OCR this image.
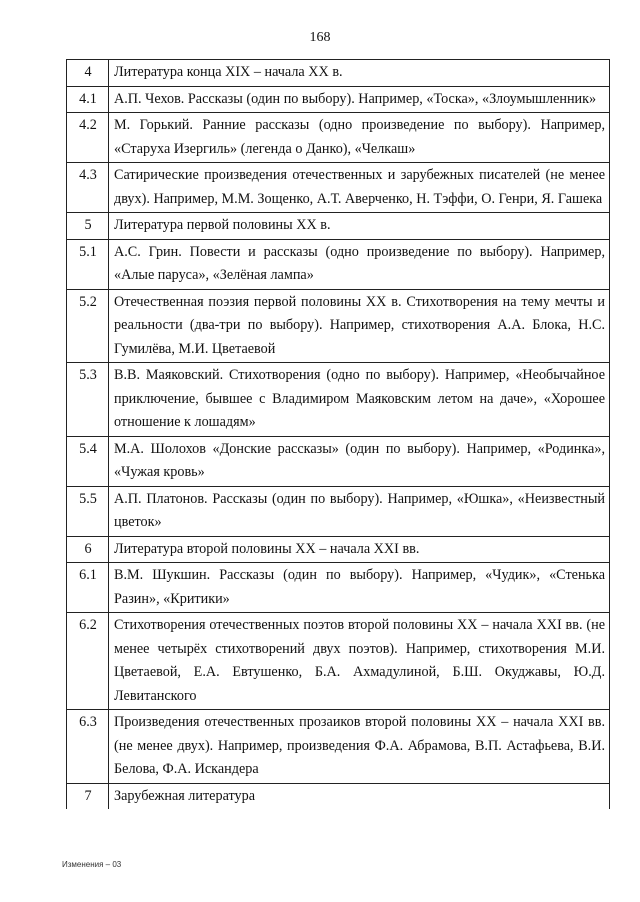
168
4	Литература конца XIX – начала XX в.
4.1	А.П. Чехов. Рассказы (один по выбору). Например, «Тоска», «Злоумышленник»
4.2	М. Горький. Ранние рассказы (одно произведение по выбору). Например, «Старуха Изергиль» (легенда о Данко), «Челкаш»
4.3	Сатирические произведения отечественных и зарубежных писателей (не менее двух). Например, М.М. Зощенко, А.Т. Аверченко, Н. Тэффи, О. Генри, Я. Гашека
5	Литература первой половины XX в.
5.1	А.С. Грин. Повести и рассказы (одно произведение по выбору). Например, «Алые паруса», «Зелёная лампа»
5.2	Отечественная поэзия первой половины XX в. Стихотворения на тему мечты и реальности (два-три по выбору). Например, стихотворения А.А. Блока, Н.С. Гумилёва, М.И. Цветаевой
5.3	В.В. Маяковский. Стихотворения (одно по выбору). Например, «Необычайное приключение, бывшее с Владимиром Маяковским летом на даче», «Хорошее отношение к лошадям»
5.4	М.А. Шолохов «Донские рассказы» (один по выбору). Например, «Родинка», «Чужая кровь»
5.5	А.П. Платонов. Рассказы (один по выбору). Например, «Юшка», «Неизвестный цветок»
6	Литература второй половины XX – начала XXI вв.
6.1	В.М. Шукшин. Рассказы (один по выбору). Например, «Чудик», «Стенька Разин», «Критики»
6.2	Стихотворения отечественных поэтов второй половины XX – начала XXI вв. (не менее четырёх стихотворений двух поэтов). Например, стихотворения М.И. Цветаевой, Е.А. Евтушенко, Б.А. Ахмадулиной, Б.Ш. Окуджавы, Ю.Д. Левитанского
6.3	Произведения отечественных прозаиков второй половины XX – начала XXI вв. (не менее двух). Например, произведения Ф.А. Абрамова, В.П. Астафьева, В.И. Белова, Ф.А. Искандера
7	Зарубежная литература
Изменения – 03
